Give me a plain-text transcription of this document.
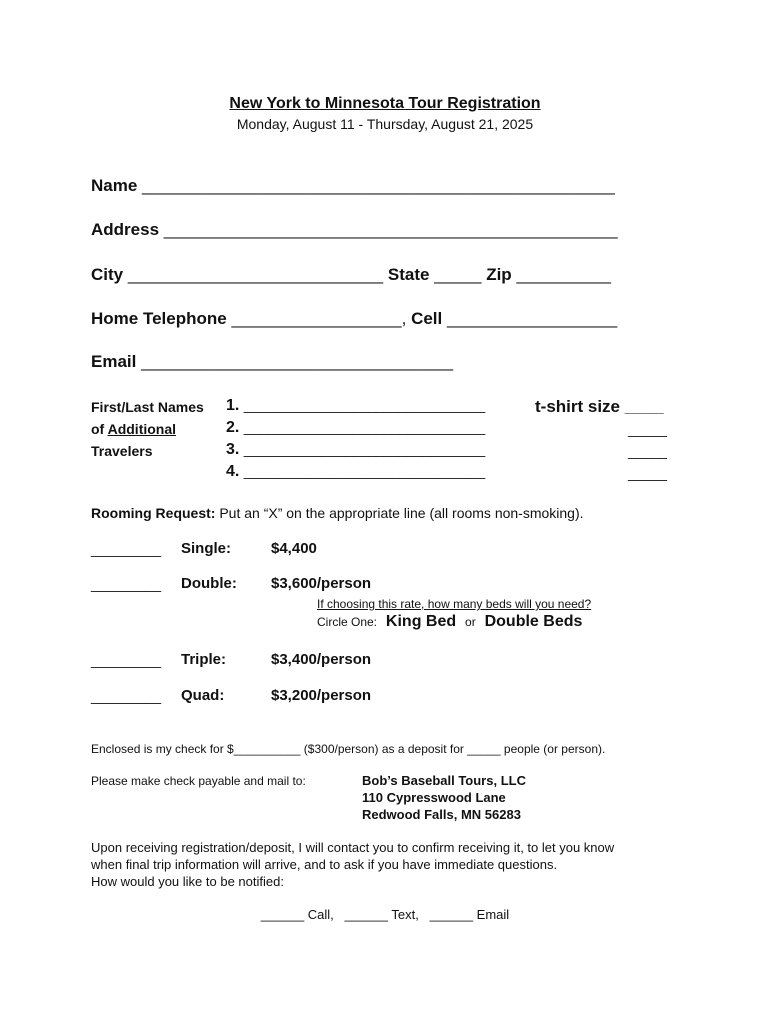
New York to Minnesota Tour Registration
Monday, August 11 - Thursday, August 21, 2025
Name __________________________________________________
Address ________________________________________________
City ___________________________ State _____ Zip __________
Home Telephone __________________, Cell __________________
Email _________________________________
First/Last Names
of Additional
Travelers
1. _______________________________	t-shirt size _____
2. _______________________________	_____
3. _______________________________	_____
4. _______________________________	_____
Rooming Request: Put an “X” on the appropriate line (all rooms non-smoking).
_________ Single:	$4,400
_________ Double: $3,600/person
If choosing this rate, how many beds will you need?
Circle One: King Bed or Double Beds
_________ Triple:	$3,400/person
_________ Quad:	$3,200/person
Enclosed is my check for $__________ ($300/person) as a deposit for _____ people (or person).
Please make check payable and mail to:	Bob’s Baseball Tours, LLC
110 Cypresswood Lane
Redwood Falls, MN 56283
Upon receiving registration/deposit, I will contact you to confirm receiving it, to let you know
when final trip information will arrive, and to ask if you have immediate questions.
How would you like to be notified:
______ Call,   ______ Text,   ______ Email
